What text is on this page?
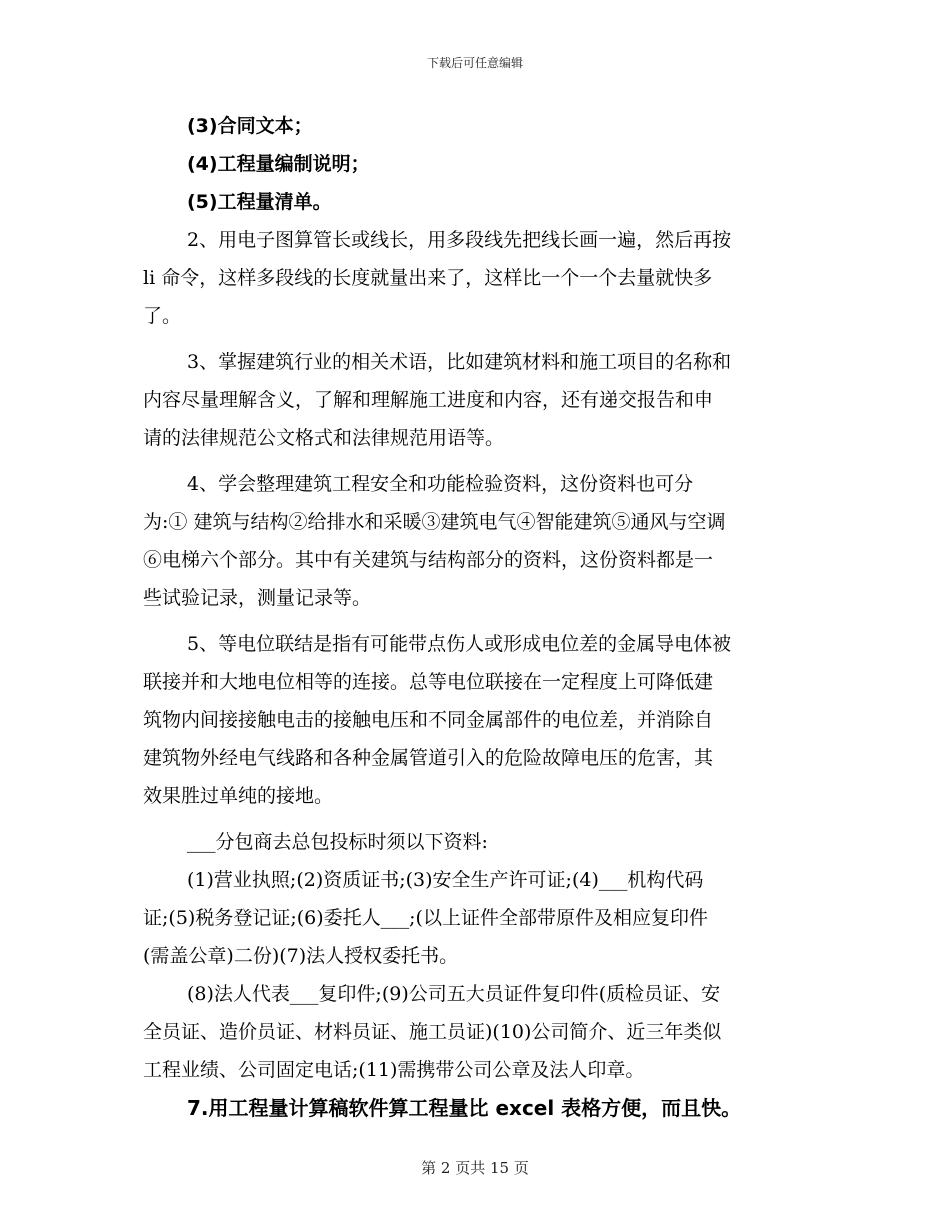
下载后可任意编辑
(3)合同文本；
(4)工程量编制说明；
(5)工程量清单。
2、用电子图算管长或线长，用多段线先把线长画一遍，然后再按
li 命令，这样多段线的长度就量出来了，这样比一个一个去量就快多
了。
3、掌握建筑行业的相关术语，比如建筑材料和施工项目的名称和
内容尽量理解含义，了解和理解施工进度和内容，还有递交报告和申
请的法律规范公文格式和法律规范用语等。
4、学会整理建筑工程安全和功能检验资料，这份资料也可分
为:① 建筑与结构②给排水和采暖③建筑电气④智能建筑⑤通风与空调
⑥电梯六个部分。其中有关建筑与结构部分的资料，这份资料都是一
些试验记录，测量记录等。
5、等电位联结是指有可能带点伤人或形成电位差的金属导电体被
联接并和大地电位相等的连接。总等电位联接在一定程度上可降低建
筑物内间接接触电击的接触电压和不同金属部件的电位差，并消除自
建筑物外经电气线路和各种金属管道引入的危险故障电压的危害，其
效果胜过单纯的接地。
___分包商去总包投标时须以下资料:
(1)营业执照;(2)资质证书;(3)安全生产许可证;(4)___机构代码
证;(5)税务登记证;(6)委托人___;(以上证件全部带原件及相应复印件
(需盖公章)二份)(7)法人授权委托书。
(8)法人代表___复印件;(9)公司五大员证件复印件(质检员证、安
全员证、造价员证、材料员证、施工员证)(10)公司简介、近三年类似
工程业绩、公司固定电话;(11)需携带公司公章及法人印章。
7.用工程量计算稿软件算工程量比 excel 表格方便，而且快。
第 2 页共 15 页
